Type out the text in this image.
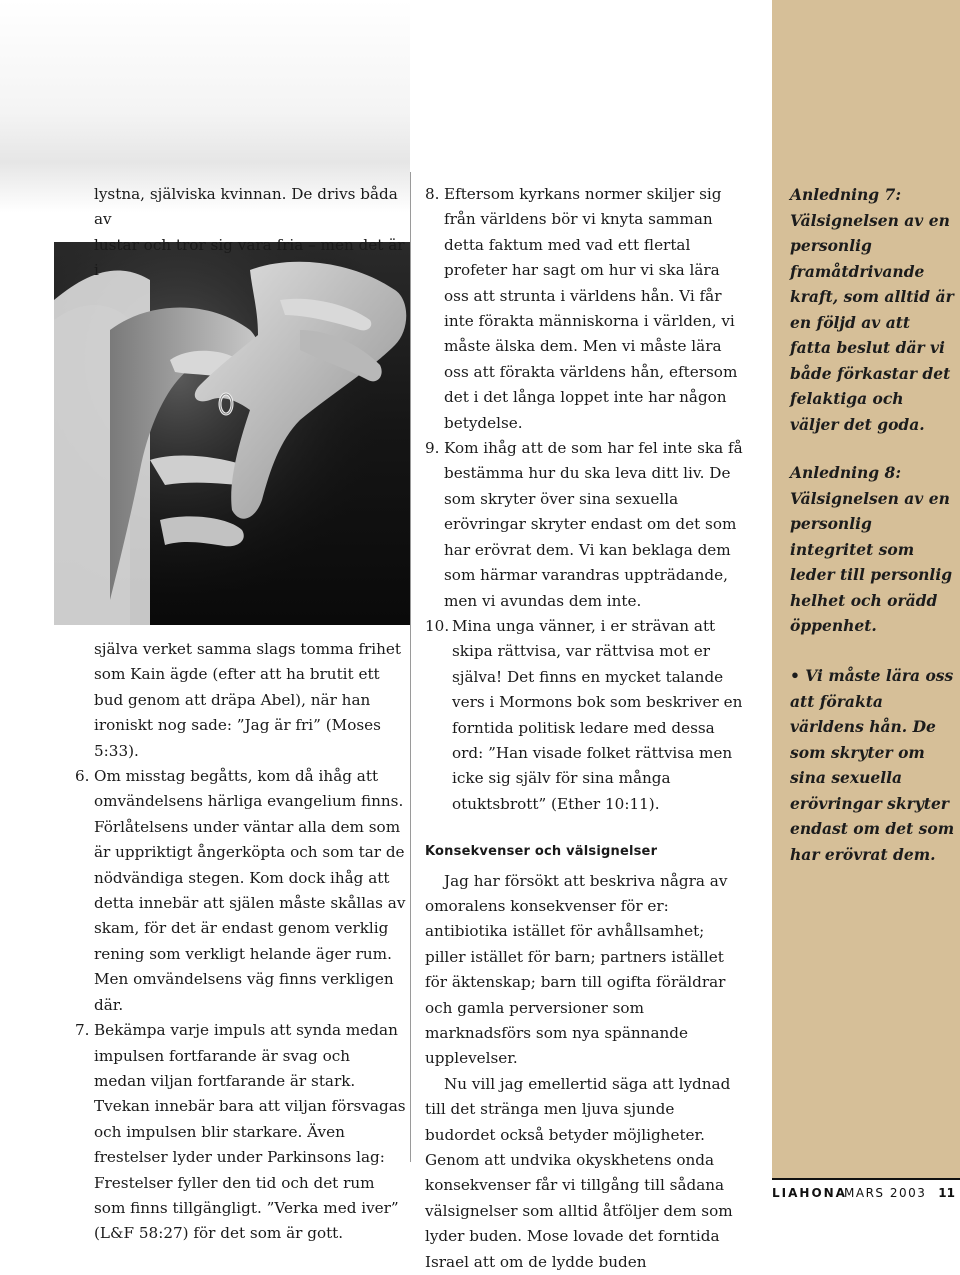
lystna, själviska kvinnan. De drivs båda av

lustar och tror sig vara fria – men det är i

själva verket samma slags tomma frihet som Kain ägde (efter att ha brutit ett bud genom att dräpa Abel), när han ironiskt nog sade: ”Jag är fri” (Moses 5:33).

6. Om misstag begåtts, kom då ihåg att omvändelsens härliga evangelium finns. Förlåtelsens under väntar alla dem som är uppriktigt ångerköpta och som tar de nödvändiga stegen. Kom dock ihåg att detta innebär att själen måste skållas av skam, för det är endast genom verklig rening som verkligt helande äger rum. Men omvändelsens väg finns verkligen där.
7. Bekämpa varje impuls att synda medan impulsen fortfarande är svag och medan viljan fortfarande är stark. Tvekan innebär bara att viljan försvagas och impulsen blir starkare. Även frestelser lyder under Parkinsons lag: Frestelser fyller den tid och det rum som finns tillgängligt. ”Verka med iver” (L&F 58:27) för det som är gott.
8. Eftersom kyrkans normer skiljer sig från världens bör vi knyta samman detta faktum med vad ett flertal profeter har sagt om hur vi ska lära oss att strunta i världens hån. Vi får inte förakta människorna i världen, vi måste älska dem. Men vi måste lära oss att förakta världens hån, eftersom det i det långa loppet inte har någon betydelse.
9. Kom ihåg att de som har fel inte ska få bestämma hur du ska leva ditt liv. De som skryter över sina sexuella erövringar skryter endast om det som har erövrat dem. Vi kan beklaga dem som härmar varandras uppträdande, men vi avundas dem inte.
10. Mina unga vänner, i er strävan att skipa rättvisa, var rättvisa mot er själva! Det finns en mycket talande vers i Mormons bok som beskriver en forntida politisk ledare med dessa ord: ”Han visade folket rättvisa men icke sig själv för sina många otuktsbrott” (Ether 10:11).
Konsekvenser och välsignelser

Jag har försökt att beskriva några av omoralens konsekvenser för er: antibiotika istället för avhållsamhet; piller istället för barn; partners istället för äktenskap; barn till ogifta föräldrar och gamla perversioner som marknadsförs som nya spännande upplevelser.

Nu vill jag emellertid säga att lydnad till det stränga men ljuva sjunde budordet också betyder möjligheter. Genom att undvika okyskhetens onda konsekvenser får vi tillgång till sådana välsignelser som alltid åtföljer dem som lyder buden. Mose lovade det forntida Israel att om de lydde buden

Anledning 7: Välsignelsen av en personlig framåtdrivande kraft, som alltid är en följd av att fatta beslut där vi både förkastar det felaktiga och väljer det goda.
Anledning 8: Välsignelsen av en personlig integritet som leder till personlig helhet och orädd öppenhet.
• Vi måste lära oss att förakta världens hån. De som skryter om sina sexuella erövringar skryter endast om det som har erövrat dem.
LIAHONA
MARS 2003 11
